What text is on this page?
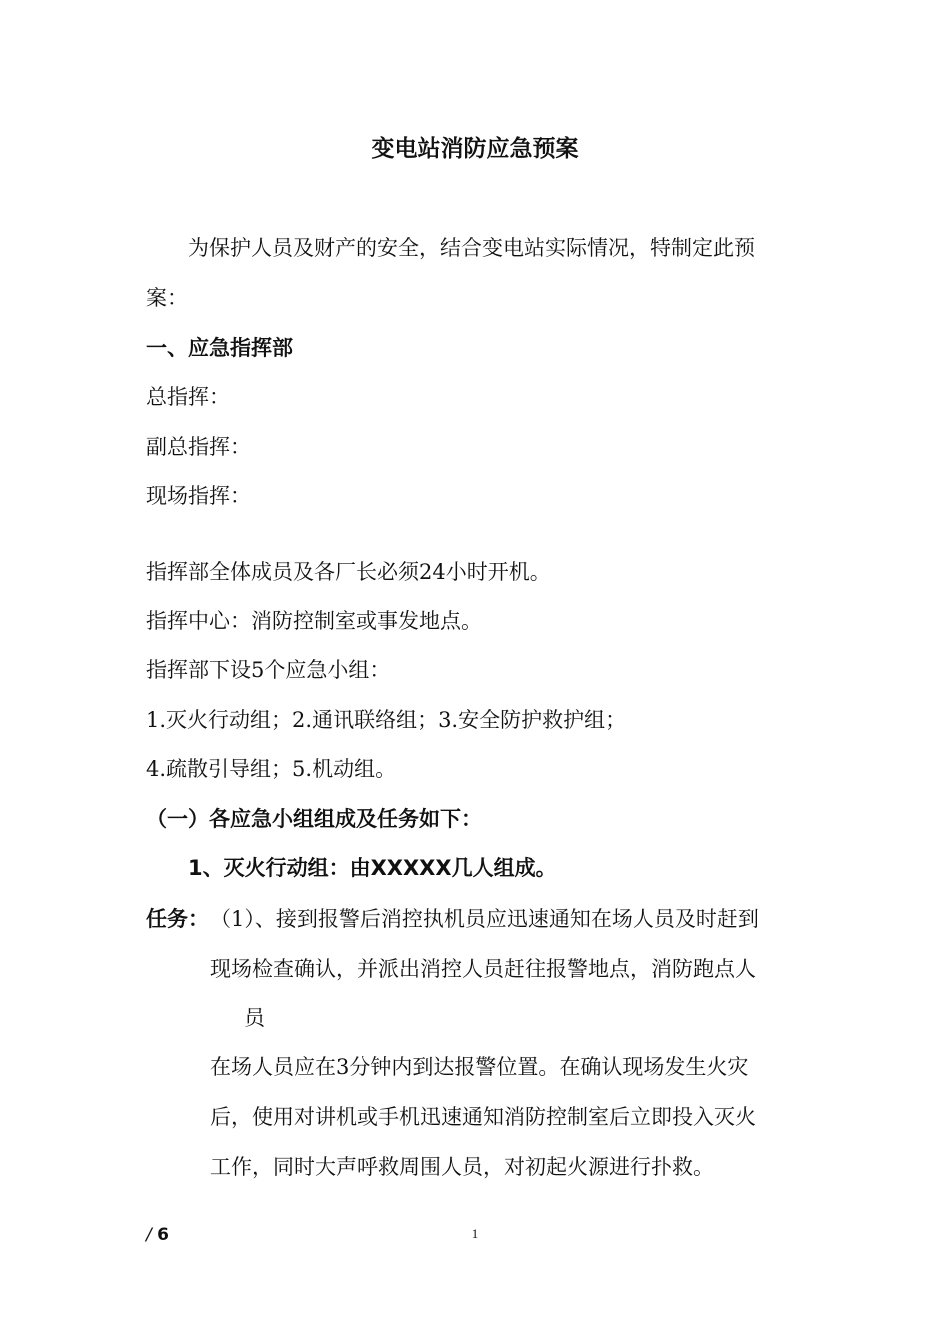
变电站消防应急预案
为保护人员及财产的安全，结合变电站实际情况，特制定此预
案：
一、应急指挥部
总指挥：
副总指挥：
现场指挥：
指挥部全体成员及各厂长必须24小时开机。
指挥中心：消防控制室或事发地点。
指挥部下设5个应急小组：
1.灭火行动组；2.通讯联络组；3.安全防护救护组；
4.疏散引导组；5.机动组。
（一）各应急小组组成及任务如下：
1、灭火行动组：由XXXXX几人组成。
任务： （1）、接到报警后消控执机员应迅速通知在场人员及时赶到
现场检查确认，并派出消控人员赶往报警地点，消防跑点人
员
在场人员应在3分钟内到达报警位置。在确认现场发生火灾
后，使用对讲机或手机迅速通知消防控制室后立即投入灭火
工作，同时大声呼救周围人员，对初起火源进行扑救。
/ 6	1
